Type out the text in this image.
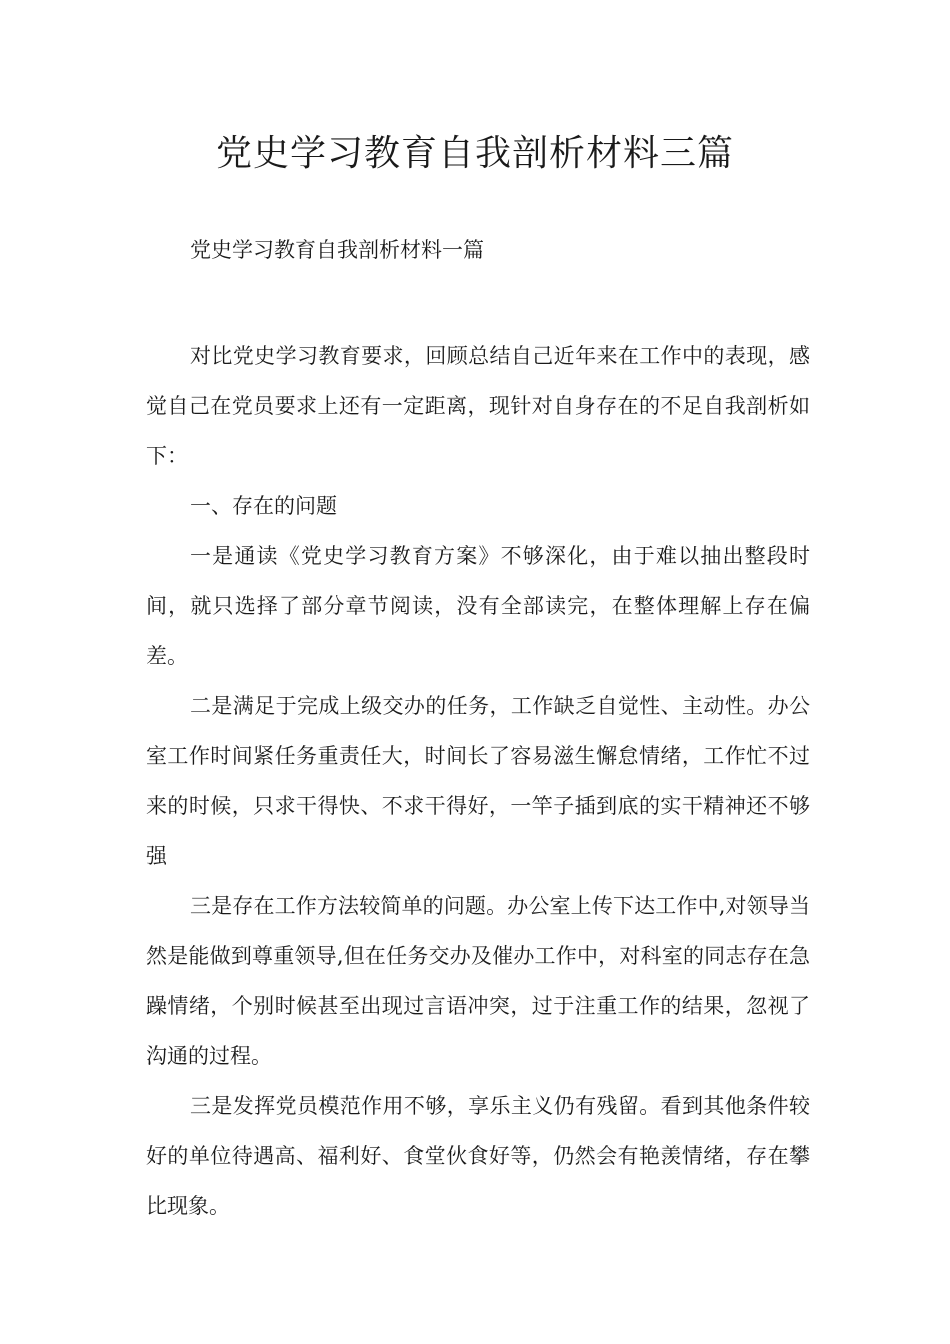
党史学习教育自我剖析材料三篇

党史学习教育自我剖析材料一篇

对比党史学习教育要求，回顾总结自己近年来在工作中的表现，感觉自己在党员要求上还有一定距离，现针对自身存在的不足自我剖析如下：

一、存在的问题

一是通读《党史学习教育方案》不够深化，由于难以抽出整段时间，就只选择了部分章节阅读，没有全部读完，在整体理解上存在偏差。

二是满足于完成上级交办的任务，工作缺乏自觉性、主动性。办公室工作时间紧任务重责任大，时间长了容易滋生懈怠情绪，工作忙不过来的时候，只求干得快、不求干得好，一竿子插到底的实干精神还不够强

三是存在工作方法较简单的问题。办公室上传下达工作中,对领导当然是能做到尊重领导,但在任务交办及催办工作中，对科室的同志存在急躁情绪，个别时候甚至出现过言语冲突，过于注重工作的结果，忽视了沟通的过程。

三是发挥党员模范作用不够，享乐主义仍有残留。看到其他条件较好的单位待遇高、福利好、食堂伙食好等，仍然会有艳羡情绪，存在攀比现象。
